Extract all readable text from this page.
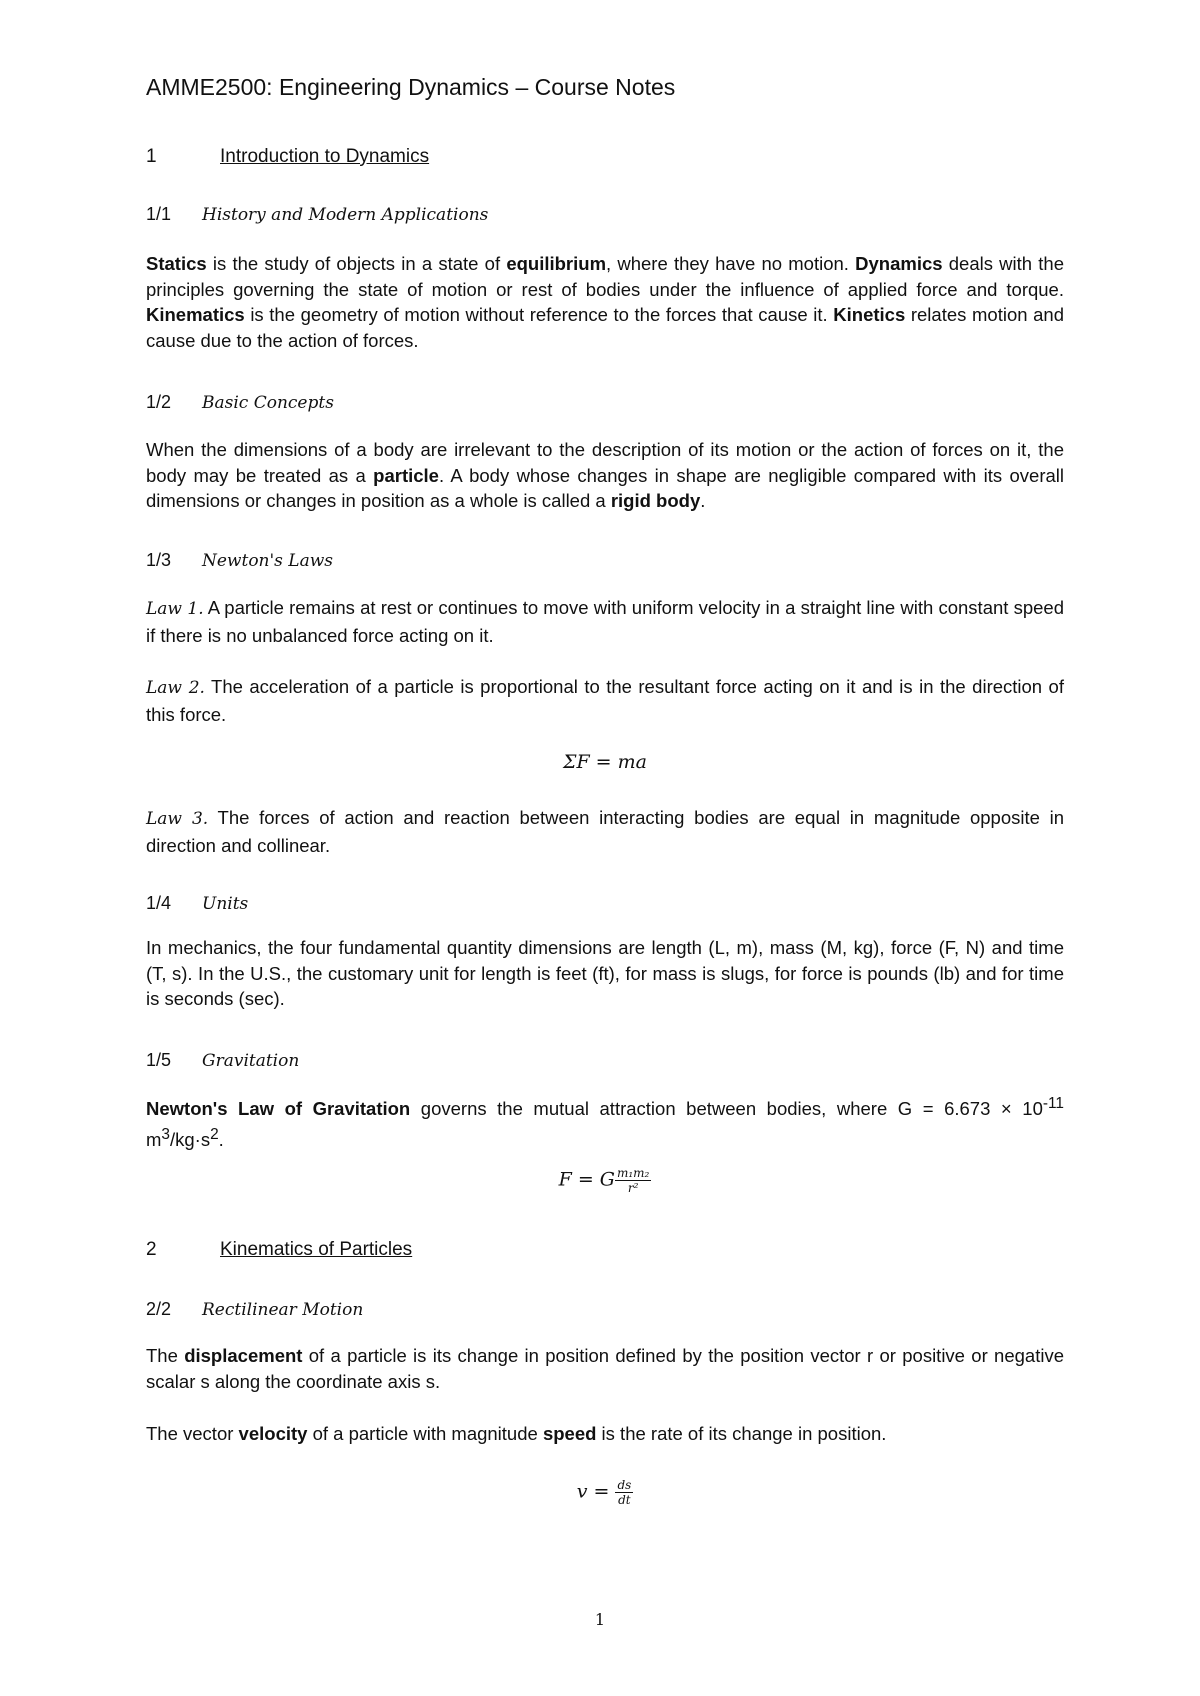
AMME2500: Engineering Dynamics – Course Notes
1	Introduction to Dynamics
1/1 History and Modern Applications
Statics is the study of objects in a state of equilibrium, where they have no motion. Dynamics deals with the principles governing the state of motion or rest of bodies under the influence of applied force and torque. Kinematics is the geometry of motion without reference to the forces that cause it. Kinetics relates motion and cause due to the action of forces.
1/2 Basic Concepts
When the dimensions of a body are irrelevant to the description of its motion or the action of forces on it, the body may be treated as a particle. A body whose changes in shape are negligible compared with its overall dimensions or changes in position as a whole is called a rigid body.
1/3 Newton's Laws
Law 1. A particle remains at rest or continues to move with uniform velocity in a straight line with constant speed if there is no unbalanced force acting on it.
Law 2. The acceleration of a particle is proportional to the resultant force acting on it and is in the direction of this force.
ΣF = ma
Law 3. The forces of action and reaction between interacting bodies are equal in magnitude opposite in direction and collinear.
1/4 Units
In mechanics, the four fundamental quantity dimensions are length (L, m), mass (M, kg), force (F, N) and time (T, s). In the U.S., the customary unit for length is feet (ft), for mass is slugs, for force is pounds (lb) and for time is seconds (sec).
1/5 Gravitation
Newton's Law of Gravitation governs the mutual attraction between bodies, where $G = 6.673 \times 10^{-11}$ $m^3/kg\cdot s^2$.
F = G $\frac{\text{m₁m₂}}{\text{r²}}$
2	Kinematics of Particles
2/2 Rectilinear Motion
The displacement of a particle is its change in position defined by the position vector r or positive or negative scalar s along the coordinate axis s.
The vector velocity of a particle with magnitude speed is the rate of its change in position.
$v = \frac{ds}{dt}$
1
